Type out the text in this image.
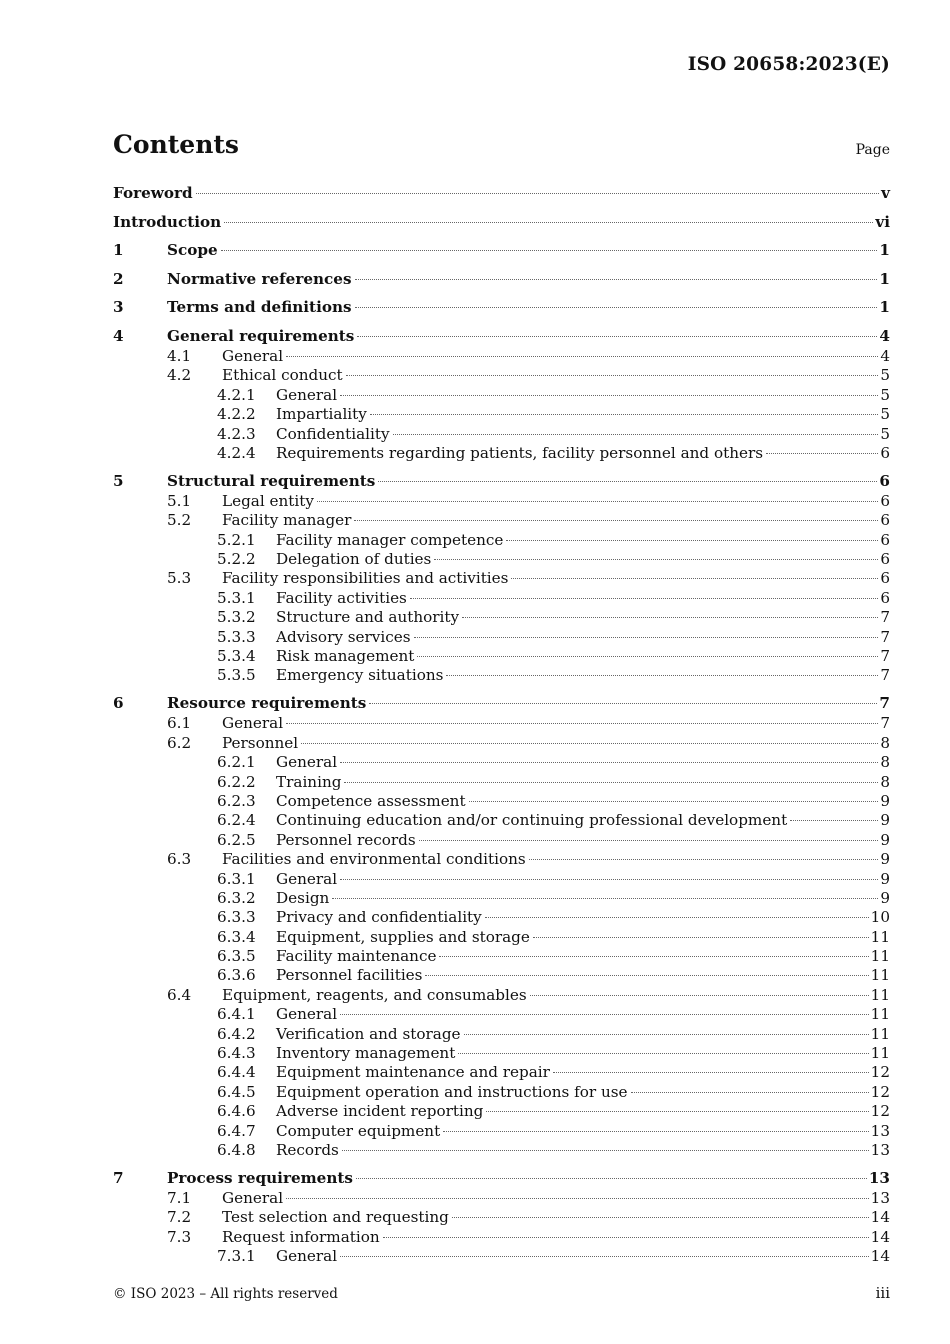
ISO 20658:2023(E)
Contents	Page
Foreword	v
Introduction	vi
1	Scope	1
2	Normative references	1
3	Terms and definitions	1
4	General requirements	4
4.1	General	4
4.2	Ethical conduct	5
4.2.1	General	5
4.2.2	Impartiality	5
4.2.3	Confidentiality	5
4.2.4	Requirements regarding patients, facility personnel and others	6
5	Structural requirements	6
5.1	Legal entity	6
5.2	Facility manager	6
5.2.1	Facility manager competence	6
5.2.2	Delegation of duties	6
5.3	Facility responsibilities and activities	6
5.3.1	Facility activities	6
5.3.2	Structure and authority	7
5.3.3	Advisory services	7
5.3.4	Risk management	7
5.3.5	Emergency situations	7
6	Resource requirements	7
6.1	General	7
6.2	Personnel	8
6.2.1	General	8
6.2.2	Training	8
6.2.3	Competence assessment	9
6.2.4	Continuing education and/or continuing professional development	9
6.2.5	Personnel records	9
6.3	Facilities and environmental conditions	9
6.3.1	General	9
6.3.2	Design	9
6.3.3	Privacy and confidentiality	10
6.3.4	Equipment, supplies and storage	11
6.3.5	Facility maintenance	11
6.3.6	Personnel facilities	11
6.4	Equipment, reagents, and consumables	11
6.4.1	General	11
6.4.2	Verification and storage	11
6.4.3	Inventory management	11
6.4.4	Equipment maintenance and repair	12
6.4.5	Equipment operation and instructions for use	12
6.4.6	Adverse incident reporting	12
6.4.7	Computer equipment	13
6.4.8	Records	13
7	Process requirements	13
7.1	General	13
7.2	Test selection and requesting	14
7.3	Request information	14
7.3.1	General	14
© ISO 2023 – All rights reserved	iii
